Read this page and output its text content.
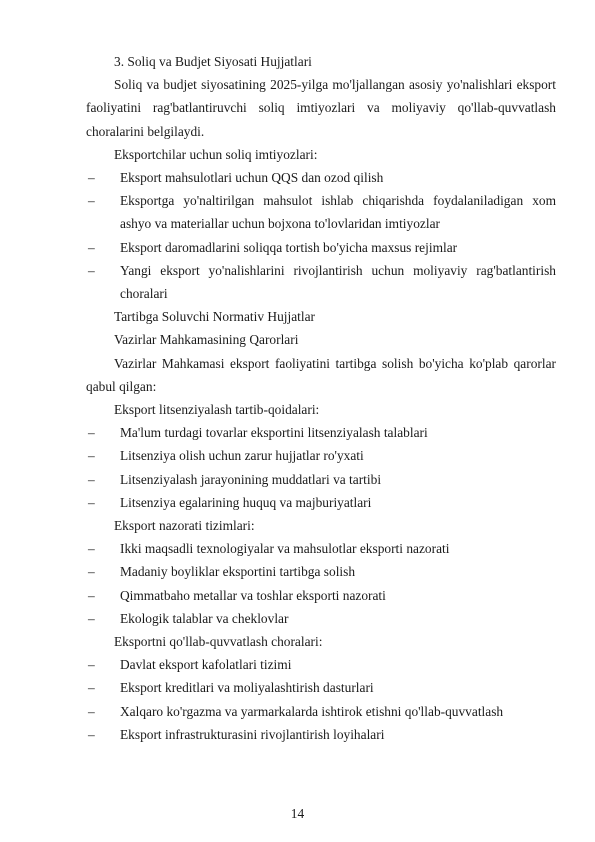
3. Soliq va Budjet Siyosati Hujjatlari

Soliq va budjet siyosatining 2025-yilga mo'ljallangan asosiy yo'nalishlari eksport faoliyatini rag'batlantiruvchi soliq imtiyozlari va moliyaviy qo'llab-quvvatlash choralarini belgilaydi.

Eksportchilar uchun soliq imtiyozlari:

– Eksport mahsulotlari uchun QQS dan ozod qilish
– Eksportga yo'naltirilgan mahsulot ishlab chiqarishda foydalaniladigan xom ashyo va materiallar uchun bojxona to'lovlaridan imtiyozlar
– Eksport daromadlarini soliqqa tortish bo'yicha maxsus rejimlar
– Yangi eksport yo'nalishlarini rivojlantirish uchun moliyaviy rag'batlantirish choralari

Tartibga Soluvchi Normativ Hujjatlar

Vazirlar Mahkamasining Qarorlari

Vazirlar Mahkamasi eksport faoliyatini tartibga solish bo'yicha ko'plab qarorlar qabul qilgan:

Eksport litsenziyalash tartib-qoidalari:

– Ma'lum turdagi tovarlar eksportini litsenziyalash talablari
– Litsenziya olish uchun zarur hujjatlar ro'yxati
– Litsenziyalash jarayonining muddatlari va tartibi
– Litsenziya egalarining huquq va majburiyatlari

Eksport nazorati tizimlari:

– Ikki maqsadli texnologiyalar va mahsulotlar eksporti nazorati
– Madaniy boyliklar eksportini tartibga solish
– Qimmatbaho metallar va toshlar eksporti nazorati
– Ekologik talablar va cheklovlar

Eksportni qo'llab-quvvatlash choralari:

– Davlat eksport kafolatlari tizimi
– Eksport kreditlari va moliyalashtirish dasturlari
– Xalqaro ko'rgazma va yarmarkalarda ishtirok etishni qo'llab-quvvatlash
– Eksport infrastrukturasini rivojlantirish loyihalari
14
